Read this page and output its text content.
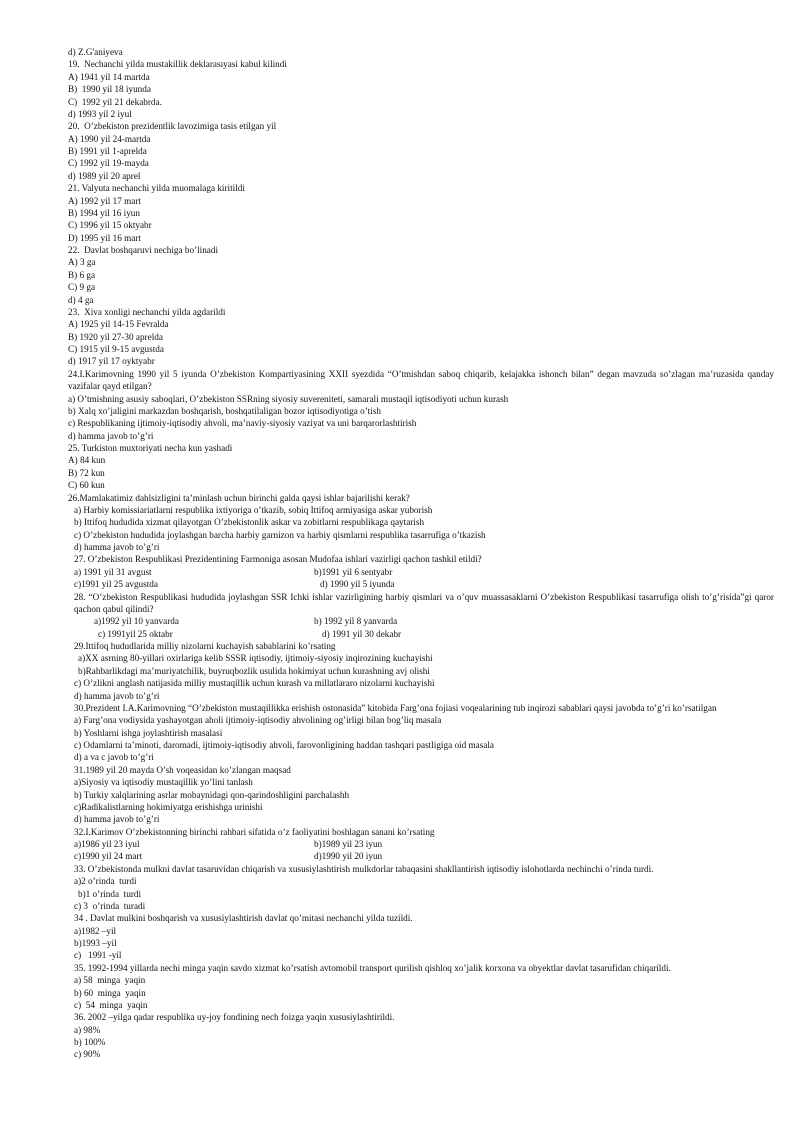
d) Z.G'aniyeva
19.  Nechanchi yilda mustakillik deklarasıyasi kabul kilindi
A) 1941 yil 14 martda
B)  1990 yil 18 iyunda
C)  1992 yil 21 dekabrda.
d) 1993 yil 2 iyul
20.  O’zbekiston prezidentlik lavozimiga tasis etilgan yil
A) 1990 yil 24-martda
B) 1991 yil 1-aprelda
C) 1992 yil 19-mayda
d) 1989 yil 20 aprel
21. Valyuta nechanchi yilda muomalaga kiritildi
A) 1992 yil 17 mart
B) 1994 yil 16 iyun
C) 1996 yil 15 oktyabr
D) 1995 yil 16 mart
22.  Davlat boshqaruvi nechiga bo’linadi
A) 3 ga
B) 6 ga
C) 9 ga
d) 4 ga
23.  Xiva xonligi nechanchi yilda agdarildi
A) 1925 yil 14-15 Fevralda
B) 1920 yil 27-30 aprelda
C) 1915 yil 9-15 avgustda
d) 1917 yil 17 oyktyabr
24.I.Karimovning 1990 yil 5 iyunda O’zbekiston Kompartiyasining XXII syezdida “O’tmishdan saboq chiqarib, kelajakka ishonch bilan” degan mavzuda so’zlagan ma’ruzasida qanday vazifalar qayd etilgan?
a) O’tmishning asusiy saboqlari, O’zbekiston SSRning siyosiy suvereniteti, samarali mustaqil iqtisodiyoti uchun kurash
b) Xalq xo’jaligini markazdan boshqarish, boshqatilaligan bozor iqtisodiyotiga o’tish
c) Respublikaning ijtimoiy-iqtisodiy ahvoli, ma’naviy-siyosiy vaziyat va uni barqarorlashtirish
d) hamma javob to’g’ri
25. Turkiston muxtoriyati necha kun yashadi
A) 84 kun
B) 72 kun
C) 60 kun
26.Mamlakatimiz dahlsizligini ta’minlash uchun birinchi galda qaysi ishlar bajarilishi kerak?
a) Harbiy komissiariatlarni respublika ixtiyoriga o’tkazib, sobiq Ittifoq armiyasiga askar yuborish
b) Ittifoq hududida xizmat qilayotgan O’zbekistonlik askar va zobitlarni respublikaga qaytarish
c) O’zbekiston hududida joylashgan barcha harbiy garnizon va harbiy qismlarni respublika tasarrufiga o’tkazish
d) hamma javob to’g’ri
27. O’zbekiston Respublikasi Prezidentining Farmoniga asosan Mudofaa ishlari vazirligi qachon tashkil etildi?
a) 1991 yil 31 avgust	b)1991 yil 6 sentyabr
c)1991 yil 25 avgustda	d) 1990 yil 5 iyunda
28. “O’zbekiston Respublikasi hududida joylashgan SSR Ichki ishlar vazirligining harbiy qismlari va o’quv muassasaklarni O’zbekiston Respublikasi tasarrufiga olish to’g’risida”gi qaror qachon qabul qilindi?
a)1992 yil 10 yanvarda	b) 1992 yil 8 yanvarda
c) 1991yil 25 oktabr	d) 1991 yil 30 dekabr
29.Ittifoq hududlarida milliy nizolarni kuchayish sabablarini ko’rsating
a)XX asrning 80-yillari oxirlariga kelib SSSR iqtisodiy, ijtimoiy-siyosiy inqirozining kuchayishi
b)Rahbarlikdagi ma’muriyatchilik, buyruqbozlik usulida hokimiyat uchun kurashning avj olishi
c) O’zlikni anglash natijasida milliy mustaqillik uchun kurash va millatlararo nizolarni kuchayishi
d) hamma javob to’g’ri
30.Prezident I.A.Karimovning “O’zbekiston mustaqillikka erishish ostonasida” kitobida Farg’ona fojiasi voqealarining tub inqirozi sabablari qaysi javobda to’g’ri ko’rsatilgan
a) Farg’ona vodiysida yashayotgan aholi ijtimoiy-iqtisodiy ahvolining og’irligi bilan bog’liq masala
b) Yoshlarni ishga joylashtirish masalasi
c) Odamlarni ta’minoti, daromadi, ijtimoiy-iqtisodiy ahvoli, farovonligining haddan tashqari pastligiga oid masala
d) a va c javob to’g’ri
31.1989 yil 20 mayda O’sh voqeasidan ko’zlangan maqsad
a)Siyosiy va iqtisodiy mustaqillik yo’lini tanlash
b) Turkiy xalqlarining asrlar mobaynidagi qon-qarindoshligini parchalashh
c)Radikalistlarning hokimiyatga erishishga urinishi
d) hamma javob to’g’ri
32.I.Karimov O’zbekistonning birinchi rahbari sifatida o’z faoliyatini boshlagan sanani ko’rsating
a)1986 yil 23 iyul	b)1989 yil 23 iyun
c)1990 yil 24 mart	d)1990 yil 20 iyun
33. O’zbekistonda mulkni davlat tasaruvidan chiqarish va xususiylashtirish mulkdorlar tabaqasini shakllantirish iqtisodiy islohotlarda nechinchi o’rinda turdi.
a)2 o’rinda  turdi
b)1 o’rinda  turdi
c) 3  o’rinda  turadi
34 . Davlat mulkini boshqarish va xususiylashtirish davlat qo’mitasi nechanchi yilda tuzildi.
a)1982 –yil
b)1993 –yil
c)   1991 -yil
35. 1992-1994 yillarda nechi minga yaqin savdo xizmat ko’rsatish avtomobil transport qurilish qishloq xo’jalik korxona va obyektlar davlat tasarufidan chiqarildi.
a) 58  minga  yaqin
b) 60  minga  yaqin
c)  54  minga  yaqin
36. 2002 –yilga qadar respublika uy-joy fondining nech foizga yaqin xususiylashtirildi.
a) 98%
b) 100%
c) 90%
